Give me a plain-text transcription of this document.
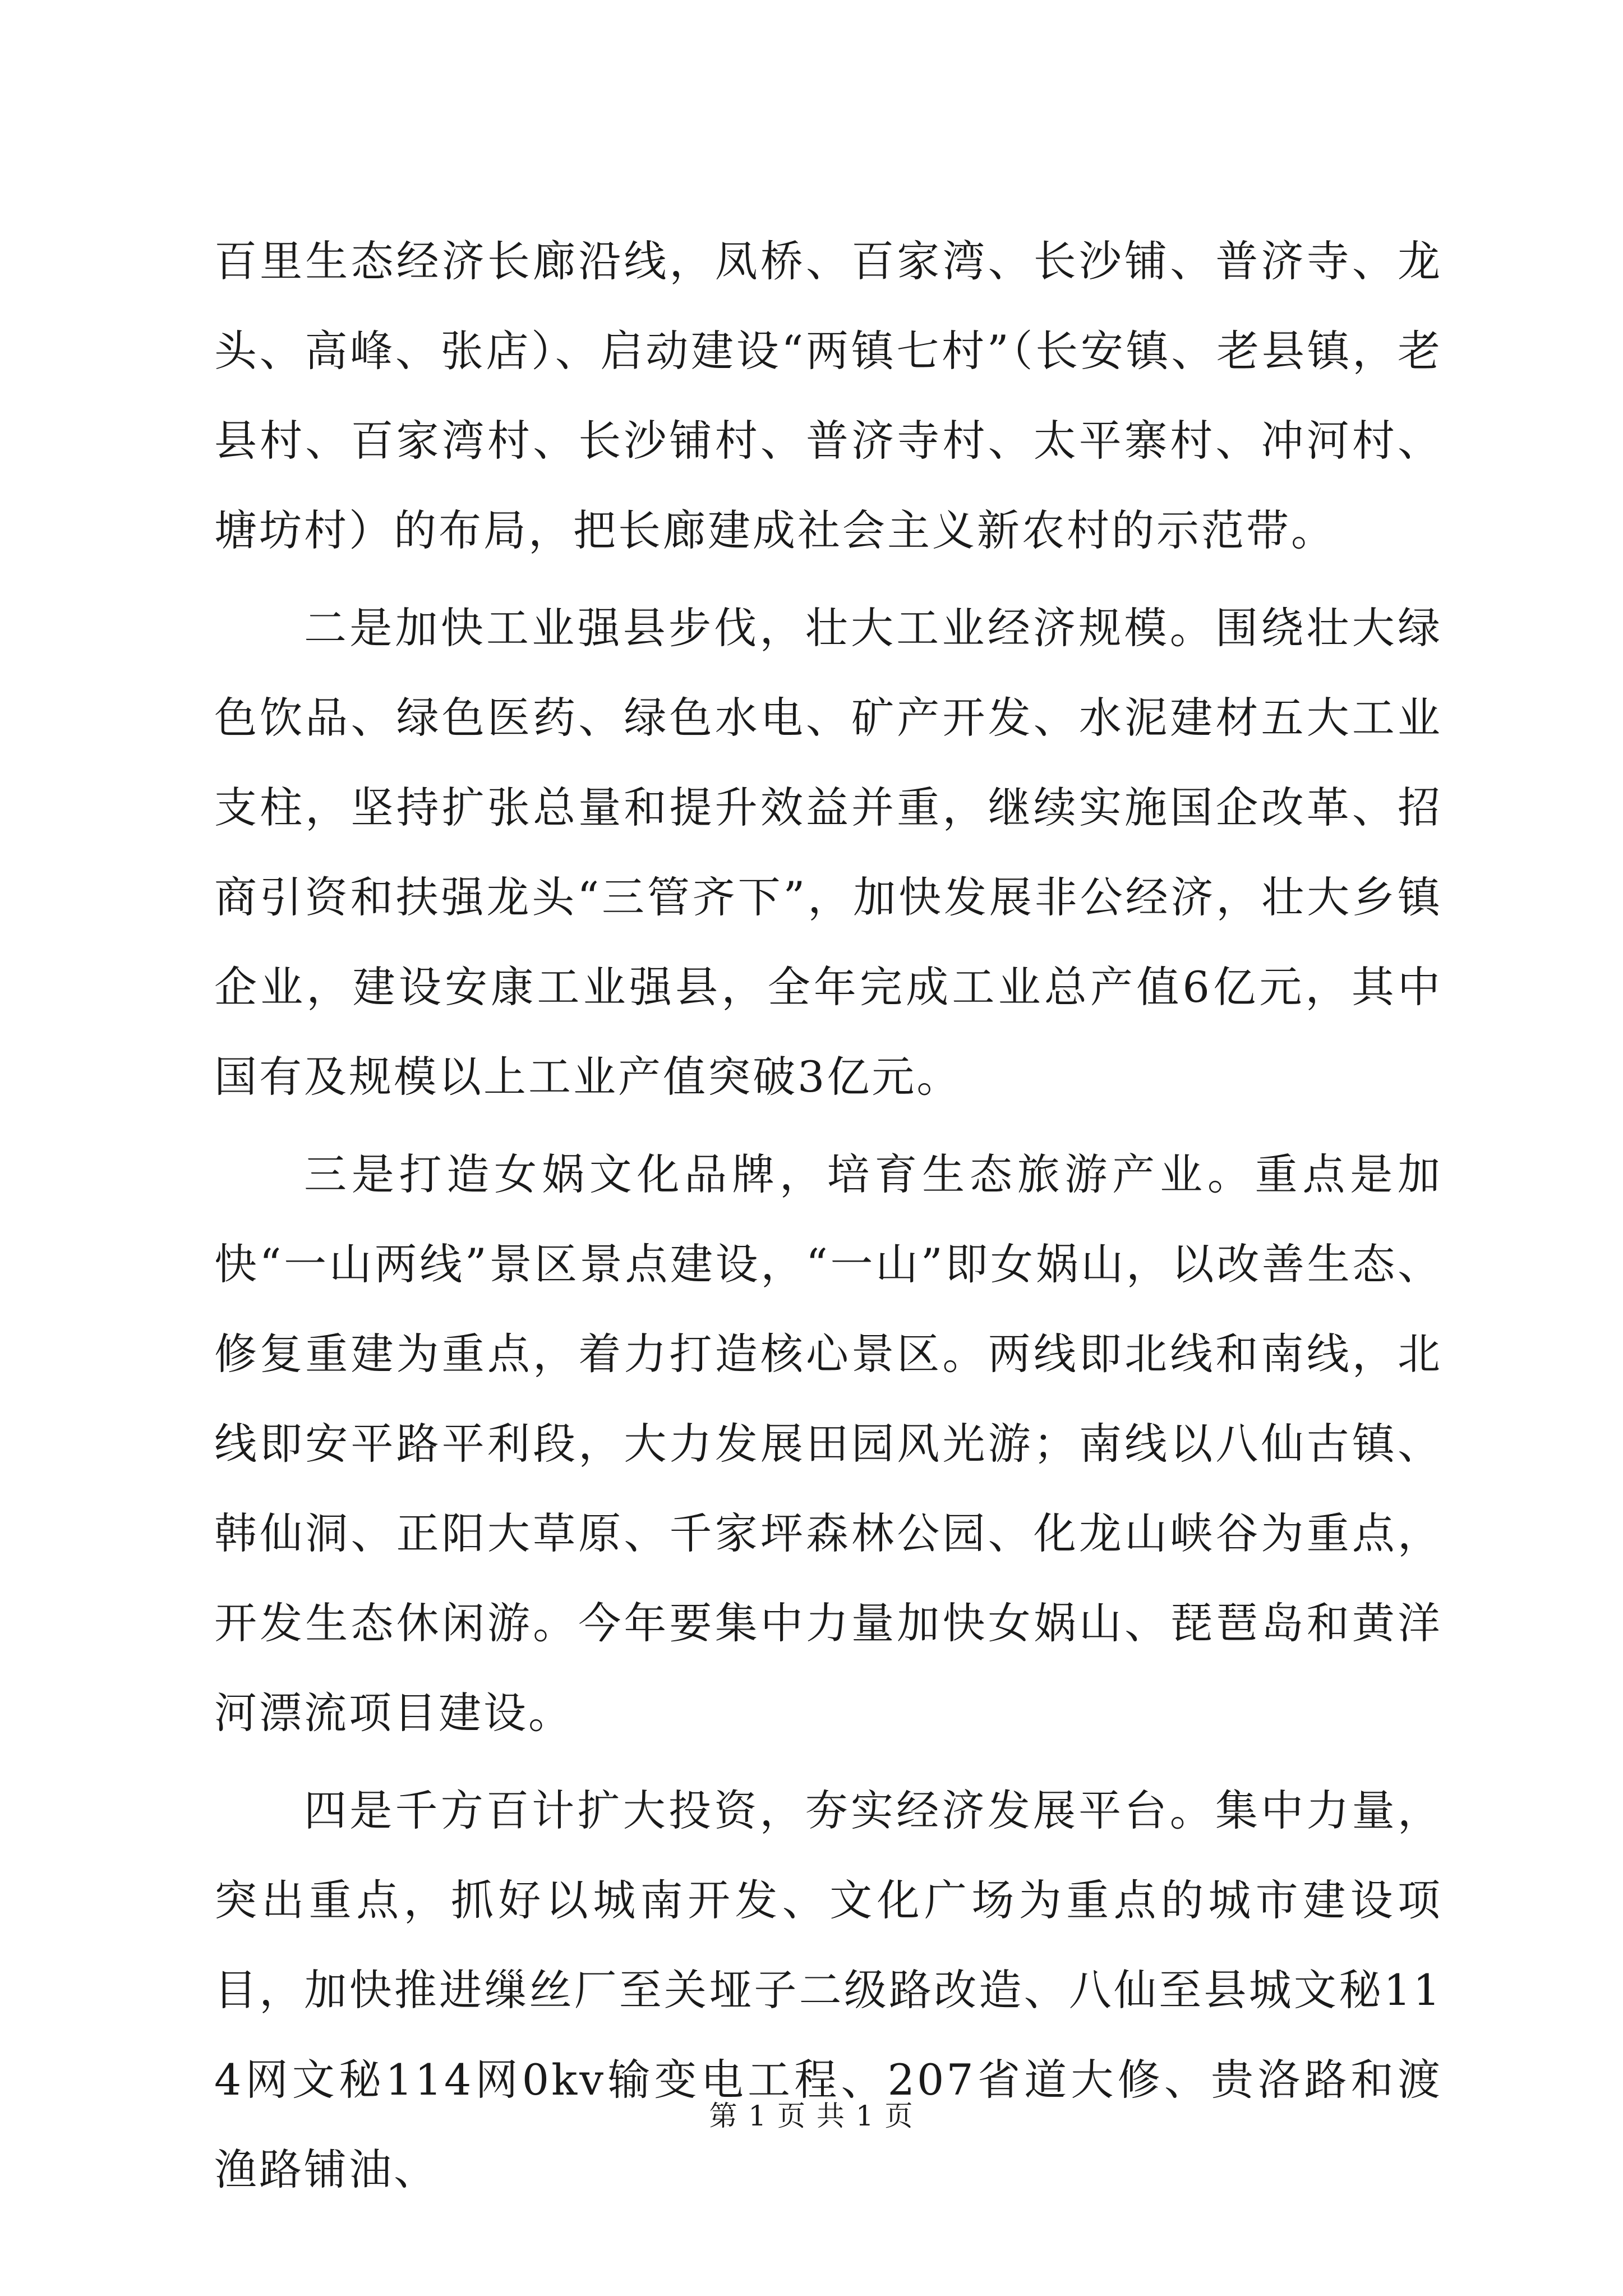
百里生态经济长廊沿线，凤桥、百家湾、长沙铺、普济寺、龙头、高峰、张店）、启动建设“两镇七村”（长安镇、老县镇，老县村、百家湾村、长沙铺村、普济寺村、太平寨村、冲河村、塘坊村）的布局，把长廊建成社会主义新农村的示范带。

二是加快工业强县步伐，壮大工业经济规模。围绕壮大绿色饮品、绿色医药、绿色水电、矿产开发、水泥建材五大工业支柱，坚持扩张总量和提升效益并重，继续实施国企改革、招商引资和扶强龙头“三管齐下”，加快发展非公经济，壮大乡镇企业，建设安康工业强县，全年完成工业总产值6亿元，其中国有及规模以上工业产值突破3亿元。

三是打造女娲文化品牌，培育生态旅游产业。重点是加快“一山两线”景区景点建设，“一山”即女娲山，以改善生态、修复重建为重点，着力打造核心景区。两线即北线和南线，北线即安平路平利段，大力发展田园风光游；南线以八仙古镇、韩仙洞、正阳大草原、千家坪森林公园、化龙山峡谷为重点，开发生态休闲游。今年要集中力量加快女娲山、琵琶岛和黄洋河漂流项目建设。

四是千方百计扩大投资，夯实经济发展平台。集中力量，突出重点，抓好以城南开发、文化广场为重点的城市建设项目，加快推进缫丝厂至关垭子二级路改造、八仙至县城文秘114网文秘114网0kv输变电工程、207省道大修、贵洛路和渡渔路铺油、

第 1 页 共 1 页
